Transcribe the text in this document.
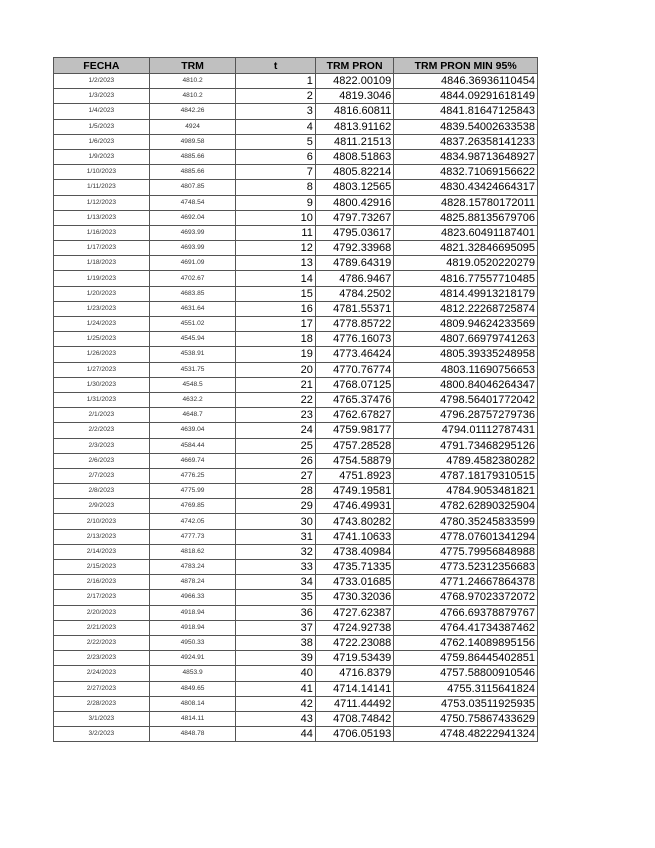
FECHA	TRM	t	TRM PRON	TRM PRON MIN 95%
1/2/2023	4810.2	1	4822.00109	4846.36936110454
1/3/2023	4810.2	2	4819.3046	4844.09291618149
1/4/2023	4842.26	3	4816.60811	4841.81647125843
1/5/2023	4924	4	4813.91162	4839.54002633538
1/6/2023	4989.58	5	4811.21513	4837.26358141233
1/9/2023	4885.66	6	4808.51863	4834.98713648927
1/10/2023	4885.66	7	4805.82214	4832.71069156622
1/11/2023	4807.85	8	4803.12565	4830.43424664317
1/12/2023	4748.54	9	4800.42916	4828.15780172011
1/13/2023	4692.04	10	4797.73267	4825.88135679706
1/16/2023	4693.99	11	4795.03617	4823.60491187401
1/17/2023	4693.99	12	4792.33968	4821.32846695095
1/18/2023	4691.09	13	4789.64319	4819.0520220279
1/19/2023	4702.67	14	4786.9467	4816.77557710485
1/20/2023	4683.85	15	4784.2502	4814.49913218179
1/23/2023	4631.64	16	4781.55371	4812.22268725874
1/24/2023	4551.02	17	4778.85722	4809.94624233569
1/25/2023	4545.94	18	4776.16073	4807.66979741263
1/26/2023	4538.91	19	4773.46424	4805.39335248958
1/27/2023	4531.75	20	4770.76774	4803.11690756653
1/30/2023	4548.5	21	4768.07125	4800.84046264347
1/31/2023	4632.2	22	4765.37476	4798.56401772042
2/1/2023	4648.7	23	4762.67827	4796.28757279736
2/2/2023	4639.04	24	4759.98177	4794.01112787431
2/3/2023	4584.44	25	4757.28528	4791.73468295126
2/6/2023	4669.74	26	4754.58879	4789.4582380282
2/7/2023	4776.25	27	4751.8923	4787.18179310515
2/8/2023	4775.99	28	4749.19581	4784.9053481821
2/9/2023	4769.85	29	4746.49931	4782.62890325904
2/10/2023	4742.05	30	4743.80282	4780.35245833599
2/13/2023	4777.73	31	4741.10633	4778.07601341294
2/14/2023	4818.62	32	4738.40984	4775.79956848988
2/15/2023	4783.24	33	4735.71335	4773.52312356683
2/16/2023	4878.24	34	4733.01685	4771.24667864378
2/17/2023	4966.33	35	4730.32036	4768.97023372072
2/20/2023	4918.94	36	4727.62387	4766.69378879767
2/21/2023	4918.94	37	4724.92738	4764.41734387462
2/22/2023	4950.33	38	4722.23088	4762.14089895156
2/23/2023	4924.91	39	4719.53439	4759.86445402851
2/24/2023	4853.9	40	4716.8379	4757.58800910546
2/27/2023	4849.65	41	4714.14141	4755.3115641824
2/28/2023	4808.14	42	4711.44492	4753.03511925935
3/1/2023	4814.11	43	4708.74842	4750.75867433629
3/2/2023	4848.78	44	4706.05193	4748.48222941324
